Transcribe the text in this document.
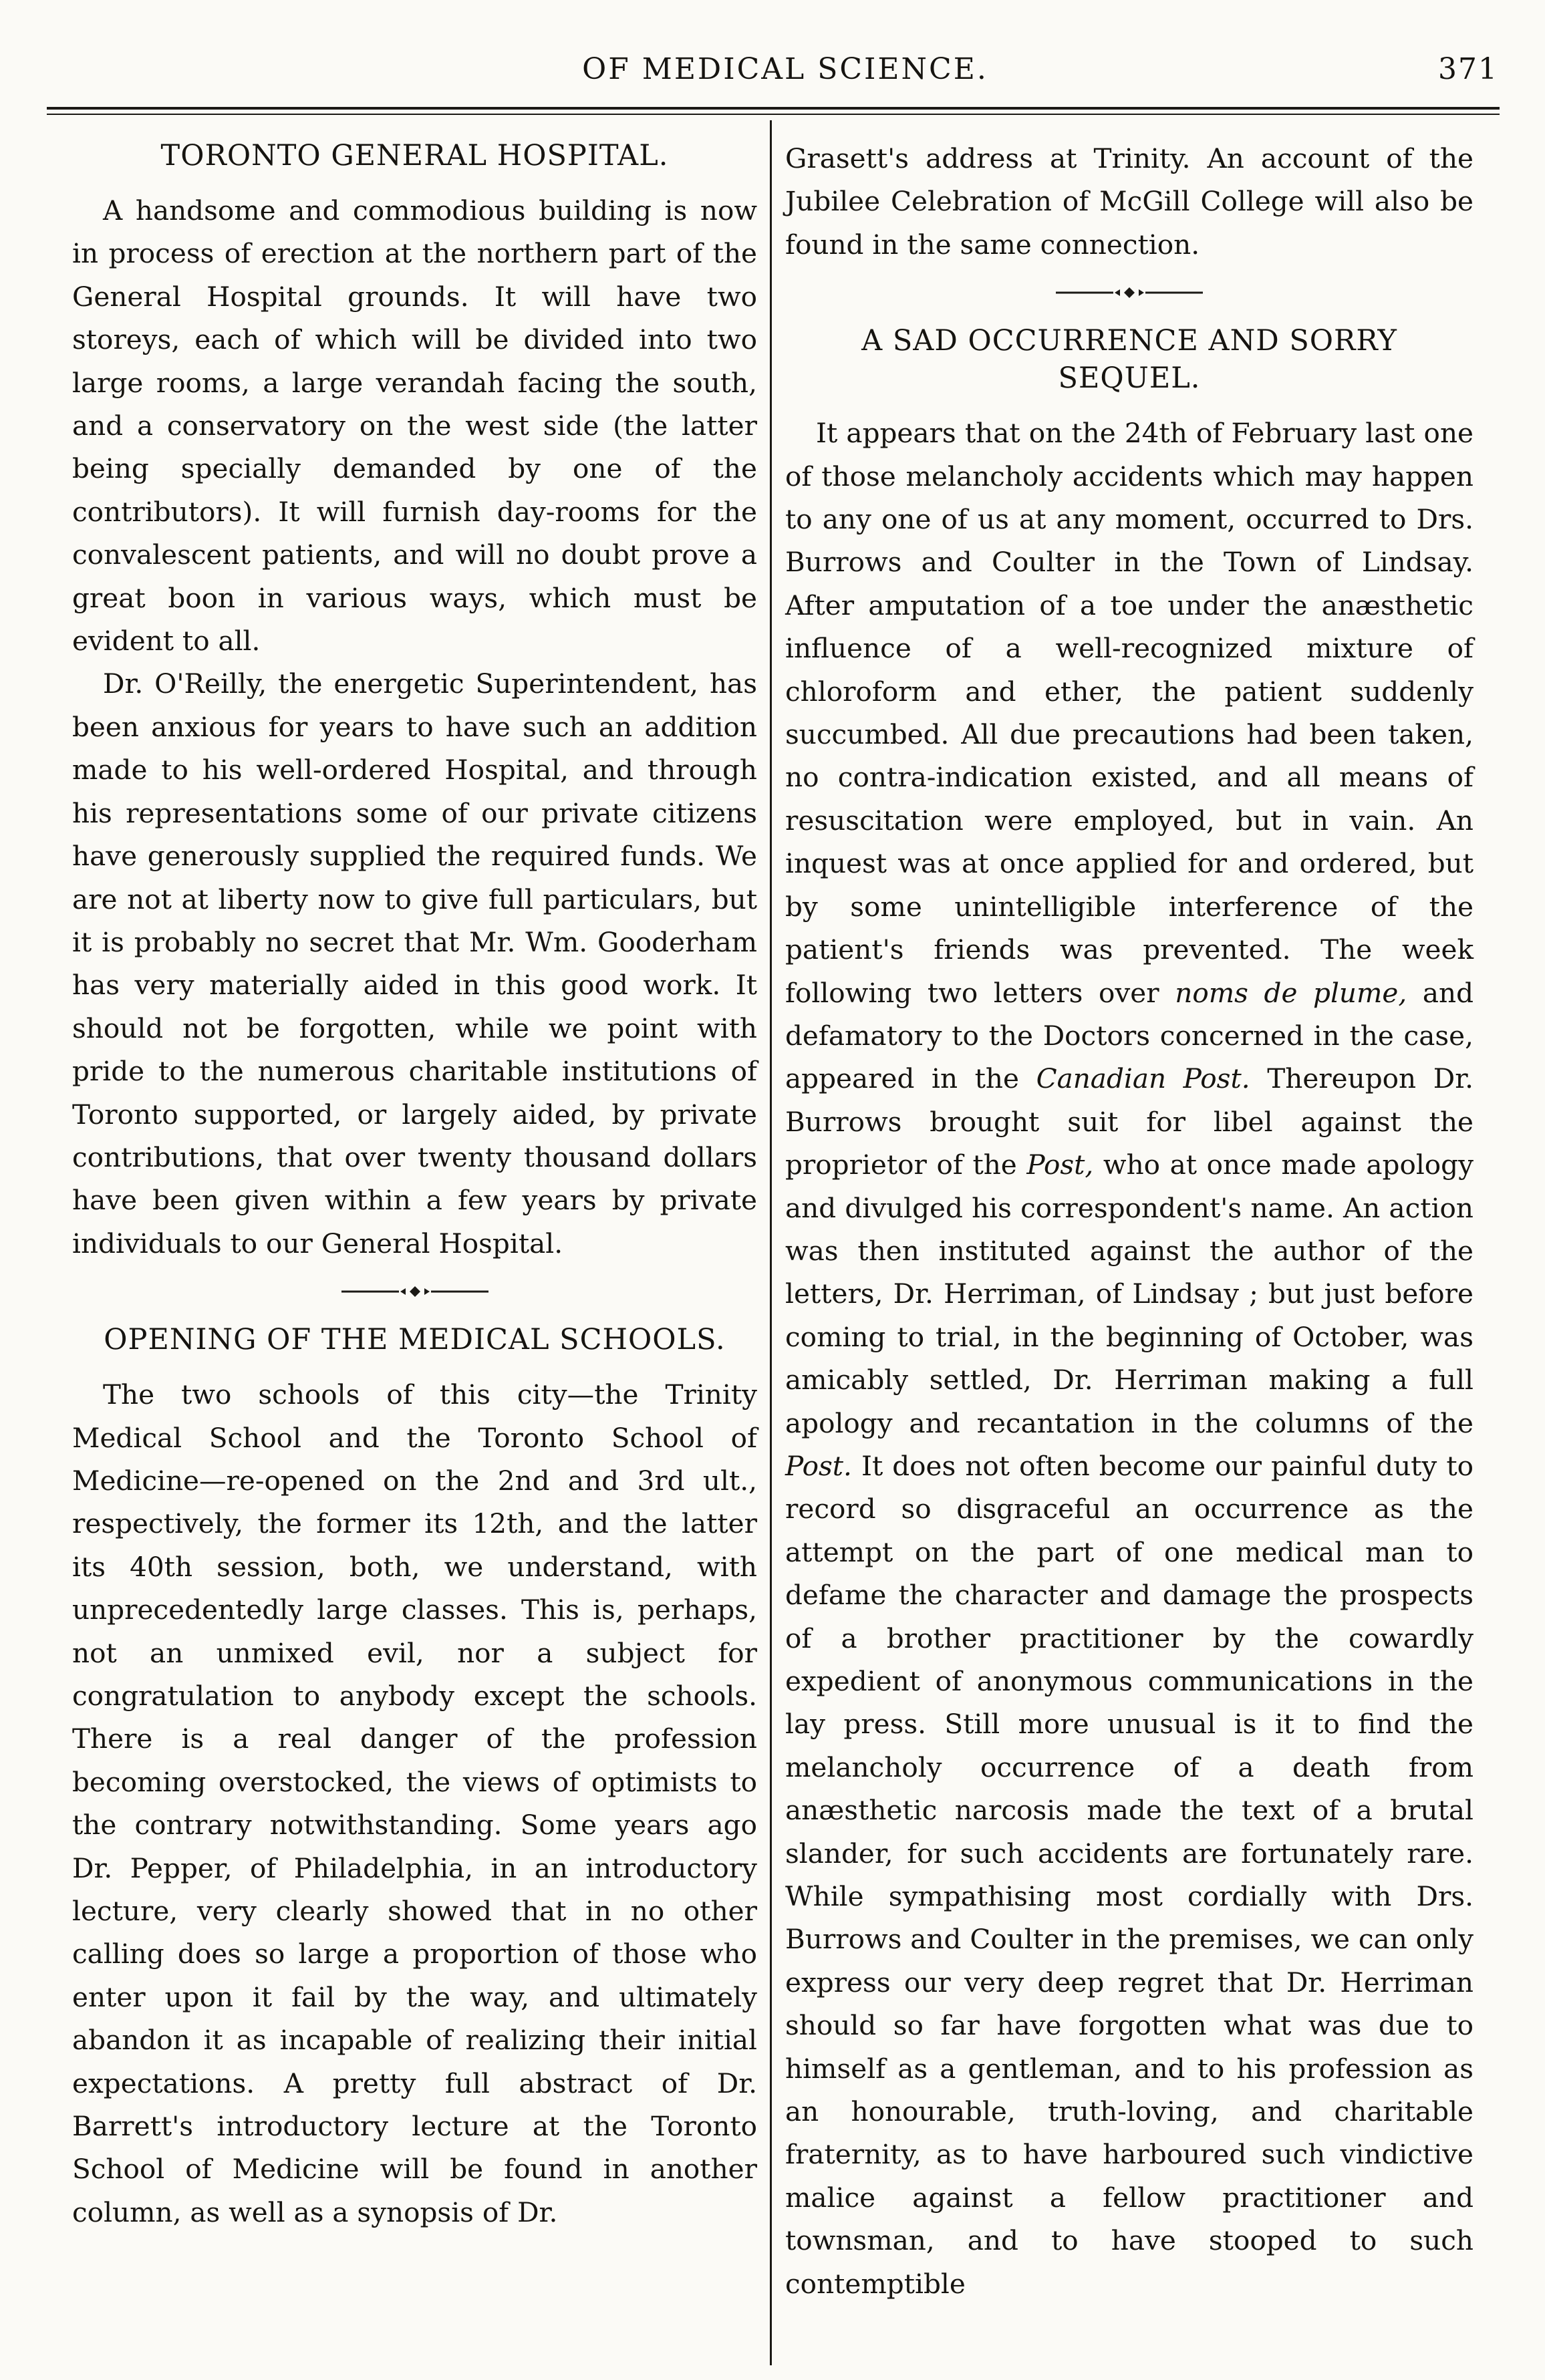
OF MEDICAL SCIENCE.	371
TORONTO GENERAL HOSPITAL.

A handsome and commodious building is now in process of erection at the northern part of the General Hospital grounds. It will have two storeys, each of which will be divided into two large rooms, a large verandah facing the south, and a conservatory on the west side (the latter being specially demanded by one of the contributors). It will furnish day-rooms for the convalescent patients, and will no doubt prove a great boon in various ways, which must be evident to all.

Dr. O'Reilly, the energetic Superintendent, has been anxious for years to have such an addition made to his well-ordered Hospital, and through his representations some of our private citizens have generously supplied the required funds. We are not at liberty now to give full particulars, but it is probably no secret that Mr. Wm. Gooderham has very materially aided in this good work. It should not be forgotten, while we point with pride to the numerous charitable institutions of Toronto supported, or largely aided, by private contributions, that over twenty thousand dollars have been given within a few years by private individuals to our General Hospital.

OPENING OF THE MEDICAL SCHOOLS.

The two schools of this city—the Trinity Medical School and the Toronto School of Medicine—re-opened on the 2nd and 3rd ult., respectively, the former its 12th, and the latter its 40th session, both, we understand, with unprecedentedly large classes. This is, perhaps, not an unmixed evil, nor a subject for congratulation to anybody except the schools. There is a real danger of the profession becoming overstocked, the views of optimists to the contrary notwithstanding. Some years ago Dr. Pepper, of Philadelphia, in an introductory lecture, very clearly showed that in no other calling does so large a proportion of those who enter upon it fail by the way, and ultimately abandon it as incapable of realizing their initial expectations. A pretty full abstract of Dr. Barrett's introductory lecture at the Toronto School of Medicine will be found in another column, as well as a synopsis of Dr.

Grasett's address at Trinity. An account of the Jubilee Celebration of McGill College will also be found in the same connection.

A SAD OCCURRENCE AND SORRY
SEQUEL.

It appears that on the 24th of February last one of those melancholy accidents which may happen to any one of us at any moment, occurred to Drs. Burrows and Coulter in the Town of Lindsay. After amputation of a toe under the anæsthetic influence of a well-recognized mixture of chloroform and ether, the patient suddenly succumbed. All due precautions had been taken, no contra-indication existed, and all means of resuscitation were employed, but in vain. An inquest was at once applied for and ordered, but by some unintelligible interference of the patient's friends was prevented. The week following two letters over noms de plume, and defamatory to the Doctors concerned in the case, appeared in the Canadian Post. Thereupon Dr. Burrows brought suit for libel against the proprietor of the Post, who at once made apology and divulged his correspondent's name. An action was then instituted against the author of the letters, Dr. Herriman, of Lindsay ; but just before coming to trial, in the beginning of October, was amicably settled, Dr. Herriman making a full apology and recantation in the columns of the Post. It does not often become our painful duty to record so disgraceful an occurrence as the attempt on the part of one medical man to defame the character and damage the prospects of a brother practitioner by the cowardly expedient of anonymous communications in the lay press. Still more unusual is it to find the melancholy occurrence of a death from anæsthetic narcosis made the text of a brutal slander, for such accidents are fortunately rare. While sympathising most cordially with Drs. Burrows and Coulter in the premises, we can only express our very deep regret that Dr. Herriman should so far have forgotten what was due to himself as a gentleman, and to his profession as an honourable, truth-loving, and charitable fraternity, as to have harboured such vindictive malice against a fellow practitioner and townsman, and to have stooped to such contemptible
